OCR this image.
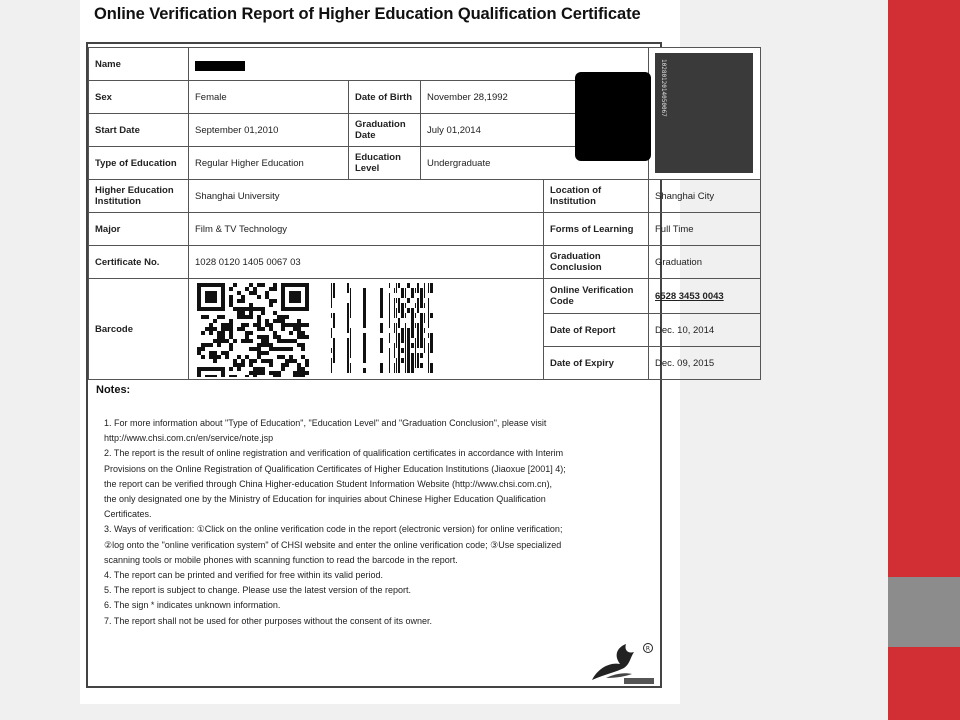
Online Verification Report of Higher Education Qualification Certificate
Name					1028012014050067

Sex	Female	Date of Birth	November 28,1992		
Start Date	September 01,2010	Graduation Date	July 01,2014		
Type of Education	Regular Higher Education	Education Level	Undergraduate		
Higher Education Institution	Shanghai University			Location of Institution	Shanghai City
Major	Film & TV Technology			Forms of Learning	Full Time
Certificate No.	1028 0120 1405 0067 03			Graduation Conclusion	Graduation
Barcode				Online Verification Code	6528 3453 0043
				Date of Report	Dec. 10, 2014
				Date of Expiry	Dec. 09, 2015
Notes:
1. For more information about "Type of Education", "Education Level" and "Graduation Conclusion", please visit
http://www.chsi.com.cn/en/service/note.jsp
2. The report is the result of online registration and verification of qualification certificates in accordance with Interim
Provisions on the Online Registration of Qualification Certificates of Higher Education Institutions (Jiaoxue [2001] 4);
the report can be verified through China Higher-education Student Information Website (http://www.chsi.com.cn),
the only designated one by the Ministry of Education for inquiries about Chinese Higher Education Qualification
Certificates.
3. Ways of verification: ①Click on the online verification code in the report (electronic version) for online verification;
②log onto the "online verification system" of CHSI website and enter the online verification code; ③Use specialized
scanning tools or mobile phones with scanning function to read the barcode in the report.
4. The report can be printed and verified for free within its valid period.
5. The report is subject to change. Please use the latest version of the report.
6. The sign * indicates unknown information.
7. The report shall not be used for other purposes without the consent of its owner.
R
